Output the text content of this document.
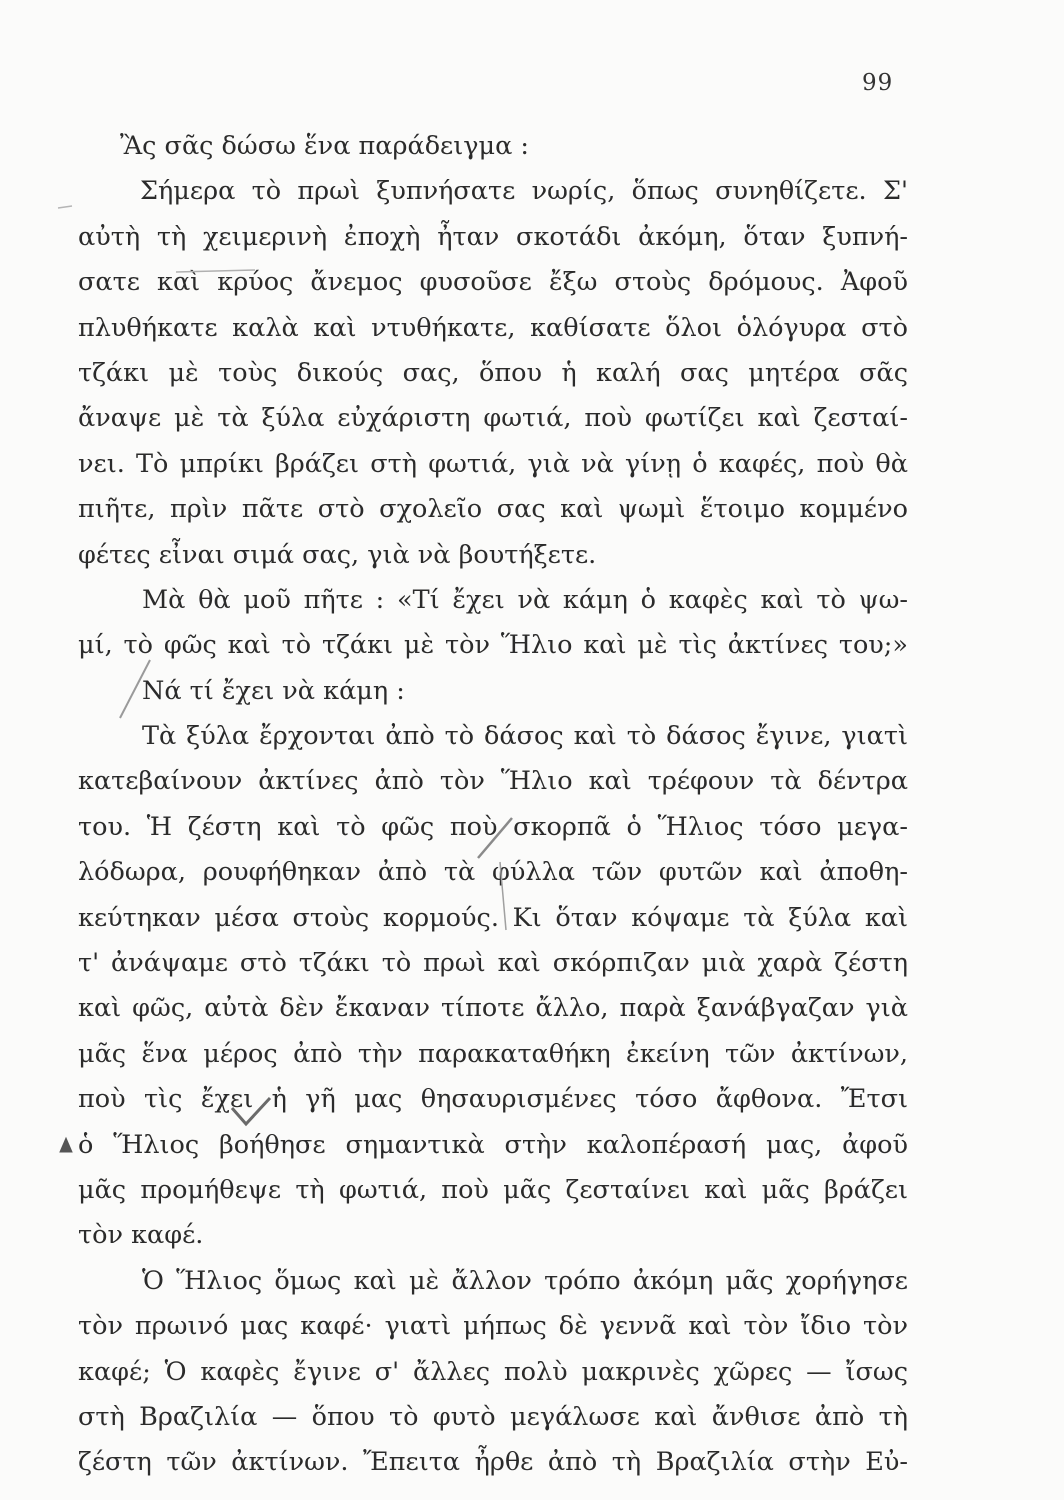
99
Ἂς σᾶς δώσω ἕνα παράδειγμα :
Σήμερα τὸ πρωὶ ξυπνήσατε νωρίς, ὅπως συνηθίζετε. Σ'
αὐτὴ τὴ χειμερινὴ ἐποχὴ ἦταν σκοτάδι ἀκόμη, ὅταν ξυπνή-
σατε καὶ κρύος ἄνεμος φυσοῦσε ἔξω στοὺς δρόμους. Ἀφοῦ
πλυθήκατε καλὰ καὶ ντυθήκατε, καθίσατε ὅλοι ὁλόγυρα στὸ
τζάκι μὲ τοὺς δικούς σας, ὅπου ἡ καλή σας μητέρα σᾶς
ἄναψε μὲ τὰ ξύλα εὐχάριστη φωτιά, ποὺ φωτίζει καὶ ζεσταί-
νει. Τὸ μπρίκι βράζει στὴ φωτιά, γιὰ νὰ γίνῃ ὁ καφές, ποὺ θὰ
πιῆτε, πρὶν πᾶτε στὸ σχολεῖο σας καὶ ψωμὶ ἕτοιμο κομμένο
φέτες εἶναι σιμά σας, γιὰ νὰ βουτήξετε.
Μὰ θὰ μοῦ πῆτε : «Τί ἔχει νὰ κάμη ὁ καφὲς καὶ τὸ ψω-
μί, τὸ φῶς καὶ τὸ τζάκι μὲ τὸν Ἥλιο καὶ μὲ τὶς ἀκτίνες του;»
Νά τί ἔχει νὰ κάμη :
Τὰ ξύλα ἔρχονται ἀπὸ τὸ δάσος καὶ τὸ δάσος ἔγινε, γιατὶ
κατεβαίνουν ἀκτίνες ἀπὸ τὸν Ἥλιο καὶ τρέφουν τὰ δέντρα
του. Ἡ ζέστη καὶ τὸ φῶς ποὺ σκορπᾶ ὁ Ἥλιος τόσο μεγα-
λόδωρα, ρουφήθηκαν ἀπὸ τὰ φύλλα τῶν φυτῶν καὶ ἀποθη-
κεύτηκαν μέσα στοὺς κορμούς. Κι ὅταν κόψαμε τὰ ξύλα καὶ
τ' ἀνάψαμε στὸ τζάκι τὸ πρωὶ καὶ σκόρπιζαν μιὰ χαρὰ ζέστη
καὶ φῶς, αὐτὰ δὲν ἔκαναν τίποτε ἄλλο, παρὰ ξανάβγαζαν γιὰ
μᾶς ἕνα μέρος ἀπὸ τὴν παρακαταθήκη ἐκείνη τῶν ἀκτίνων,
ποὺ τὶς ἔχει ἡ γῆ μας θησαυρισμένες τόσο ἄφθονα. Ἔτσι
ὁ Ἥλιος βοήθησε σημαντικὰ στὴν καλοπέρασή μας, ἀφοῦ
μᾶς προμήθεψε τὴ φωτιά, ποὺ μᾶς ζεσταίνει καὶ μᾶς βράζει
τὸν καφέ.
Ὁ Ἥλιος ὅμως καὶ μὲ ἄλλον τρόπο ἀκόμη μᾶς χορήγησε
τὸν πρωινό μας καφέ· γιατὶ μήπως δὲ γεννᾶ καὶ τὸν ἴδιο τὸν
καφέ; Ὁ καφὲς ἔγινε σ' ἄλλες πολὺ μακρινὲς χῶρες — ἴσως
στὴ Βραζιλία — ὅπου τὸ φυτὸ μεγάλωσε καὶ ἄνθισε ἀπὸ τὴ
ζέστη τῶν ἀκτίνων. Ἔπειτα ἦρθε ἀπὸ τὴ Βραζιλία στὴν Εὐ-
